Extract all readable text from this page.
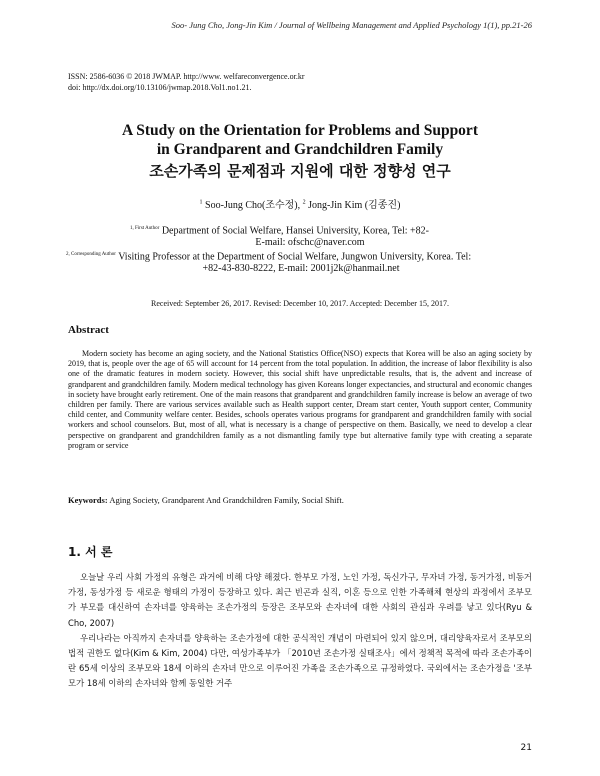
Soo- Jung Cho, Jong-Jin Kim / Journal of Wellbeing Management and Applied Psychology 1(1), pp.21-26
ISSN: 2586-6036 © 2018 JWMAP. http://www. welfareconvergence.or.kr
doi: http://dx.doi.org/10.13106/jwmap.2018.Vol1.no1.21.
A Study on the Orientation for Problems and Support
in Grandparent and Grandchildren Family
조손가족의 문제점과 지원에 대한 정향성 연구
$^1$ Soo-Jung Cho(조수정), $^2$ Jong-Jin Kim (김종진)
$^{1, First Author}$ Department of Social Welfare, Hansei University, Korea, Tel: +82-
E-mail: ofschc@naver.com
$^{2, Corresponding Author}$ Visiting Professor at the Department of Social Welfare, Jungwon University, Korea. Tel:
+82-43-830-8222, E-mail: 2001j2k@hanmail.net
Received: September 26, 2017. Revised: December 10, 2017. Accepted: December 15, 2017.
Abstract
Modern society has become an aging society, and the National Statistics Office(NSO) expects that Korea will be also an aging society by 2019, that is, people over the age of 65 will account for 14 percent from the total population. In addition, the increase of labor flexibility is also one of the dramatic features in modern society. However, this social shift have unpredictable results, that is, the advent and increase of grandparent and grandchildren family. Modern medical technology has given Koreans longer expectancies, and structural and economic changes in society have brought early retirement. One of the main reasons that grandparent and grandchildren family increase is below an average of two children per family. There are various services available such as Health support center, Dream start center, Youth support center, Community child center, and Community welfare center. Besides, schools operates various programs for grandparent and grandchildren family with social workers and school counselors. But, most of all, what is necessary is a change of perspective on them. Basically, we need to develop a clear perspective on grandparent and grandchildren family as a not dismantling family type but alternative family type with creating a separate program or service
Keywords: Aging Society, Grandparent And Grandchildren Family, Social Shift.
1. 서 론

오늘날 우리 사회 가정의 유형은 과거에 비해 다양 해졌다. 한부모 가정, 노인 가정, 독신가구, 무자녀 가정, 동거가정, 비동거가정, 동성가정 등 새로운 형태의 가정이 등장하고 있다. 최근 빈곤과 실직, 이혼 등으로 인한 가족해체 현상의 과정에서 조부모가 부모를 대신하여 손자녀를 양육하는 조손가정의 등장은 조부모와 손자녀에 대한 사회의 관심과 우려를 낳고 있다(Ryu & Cho, 2007)

우리나라는 아직까지 손자녀를 양육하는 조손가정에 대한 공식적인 개념이 마련되어 있지 않으며, 대리양육자로서 조부모의 법적 권한도 없다(Kim & Kim, 2004) 다만, 여성가족부가 「2010년 조손가정 실태조사」에서 정책적 목적에 따라 조손가족이란 65세 이상의 조부모와 18세 이하의 손자녀 만으로 이루어진 가족을 조손가족으로 규정하였다. 국외에서는 조손가정을 '조부모가 18세 이하의 손자녀와 함께 동일한 거주

21
